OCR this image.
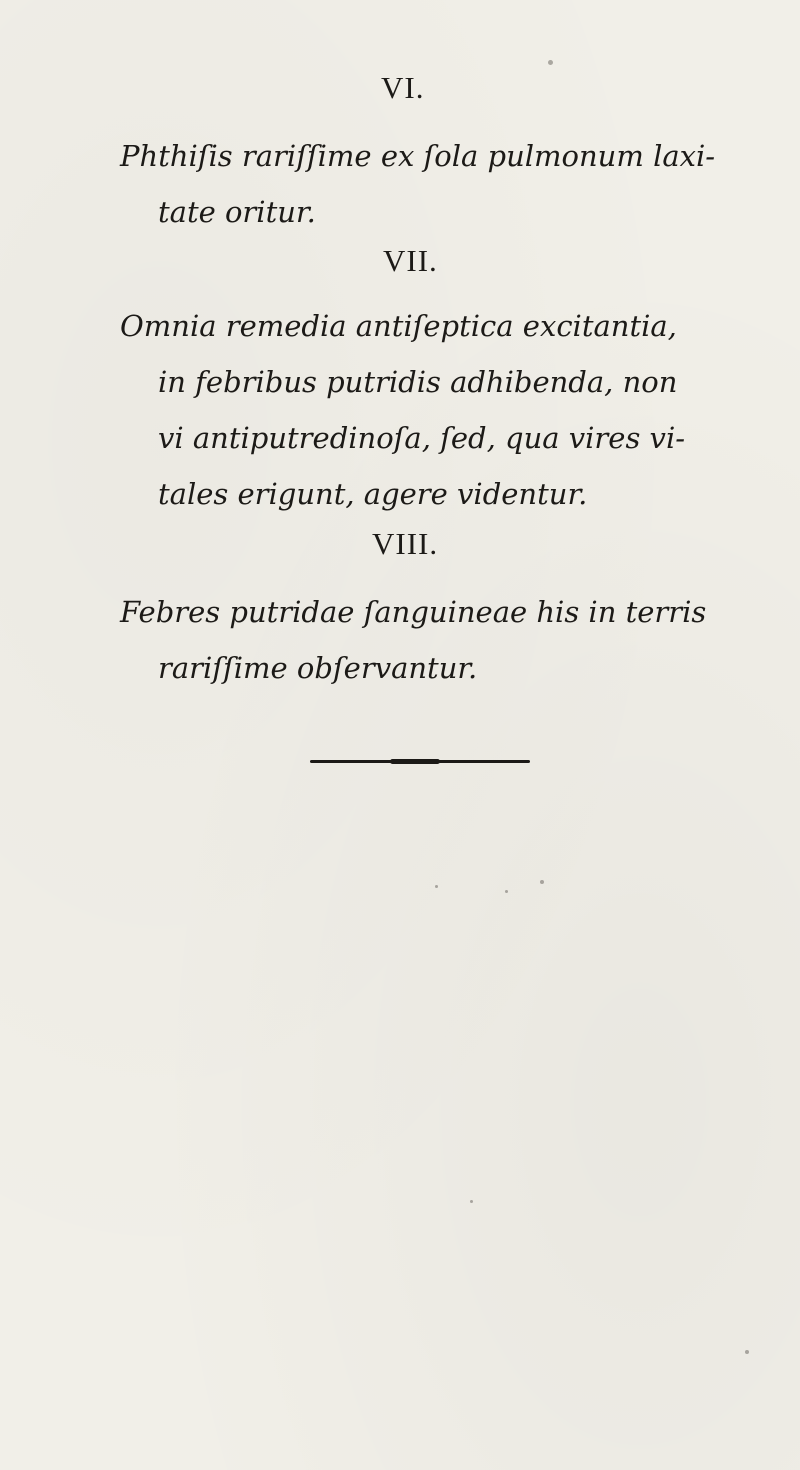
VI.

Phthiſis rariſſime ex ſola pulmonum laxi-
tate oritur.

VII.

Omnia remedia antiſeptica excitantia,
in febribus putridis adhibenda, non
vi antiputredinoſa, ſed, qua vires vi-
tales erigunt, agere videntur.

VIII.

Febres putridae ſanguineae his in terris
rariſſime obſervantur.
